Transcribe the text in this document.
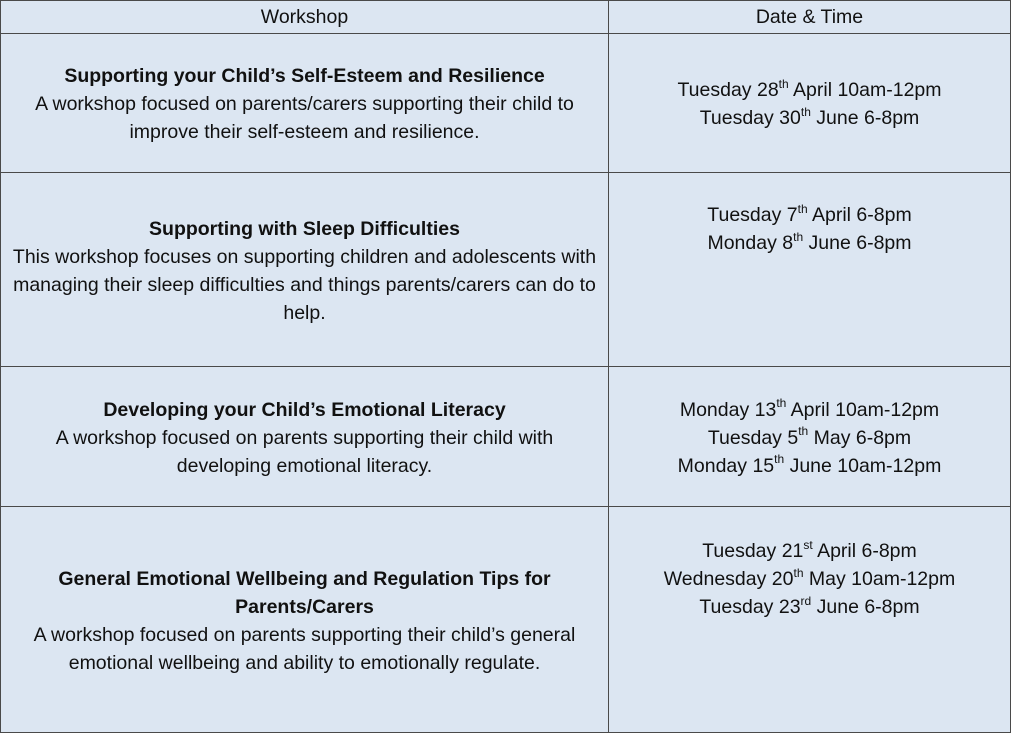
Workshop	Date & Time

Supporting your Child’s Self-Esteem and Resilience
A workshop focused on parents/carers supporting their child to improve their self-esteem and resilience.	Tuesday 28th April 10am-12pm
Tuesday 30th June 6-8pm

Supporting with Sleep Difficulties
This workshop focuses on supporting children and adolescents with managing their sleep difficulties and things parents/carers can do to help.	Tuesday 7th April 6-8pm
Monday 8th June 6-8pm

Developing your Child’s Emotional Literacy
A workshop focused on parents supporting their child with developing emotional literacy.	Monday 13th April 10am-12pm
Tuesday 5th May 6-8pm
Monday 15th June 10am-12pm

General Emotional Wellbeing and Regulation Tips for Parents/Carers
A workshop focused on parents supporting their child’s general emotional wellbeing and ability to emotionally regulate.	Tuesday 21st April 6-8pm
Wednesday 20th May 10am-12pm
Tuesday 23rd June 6-8pm
